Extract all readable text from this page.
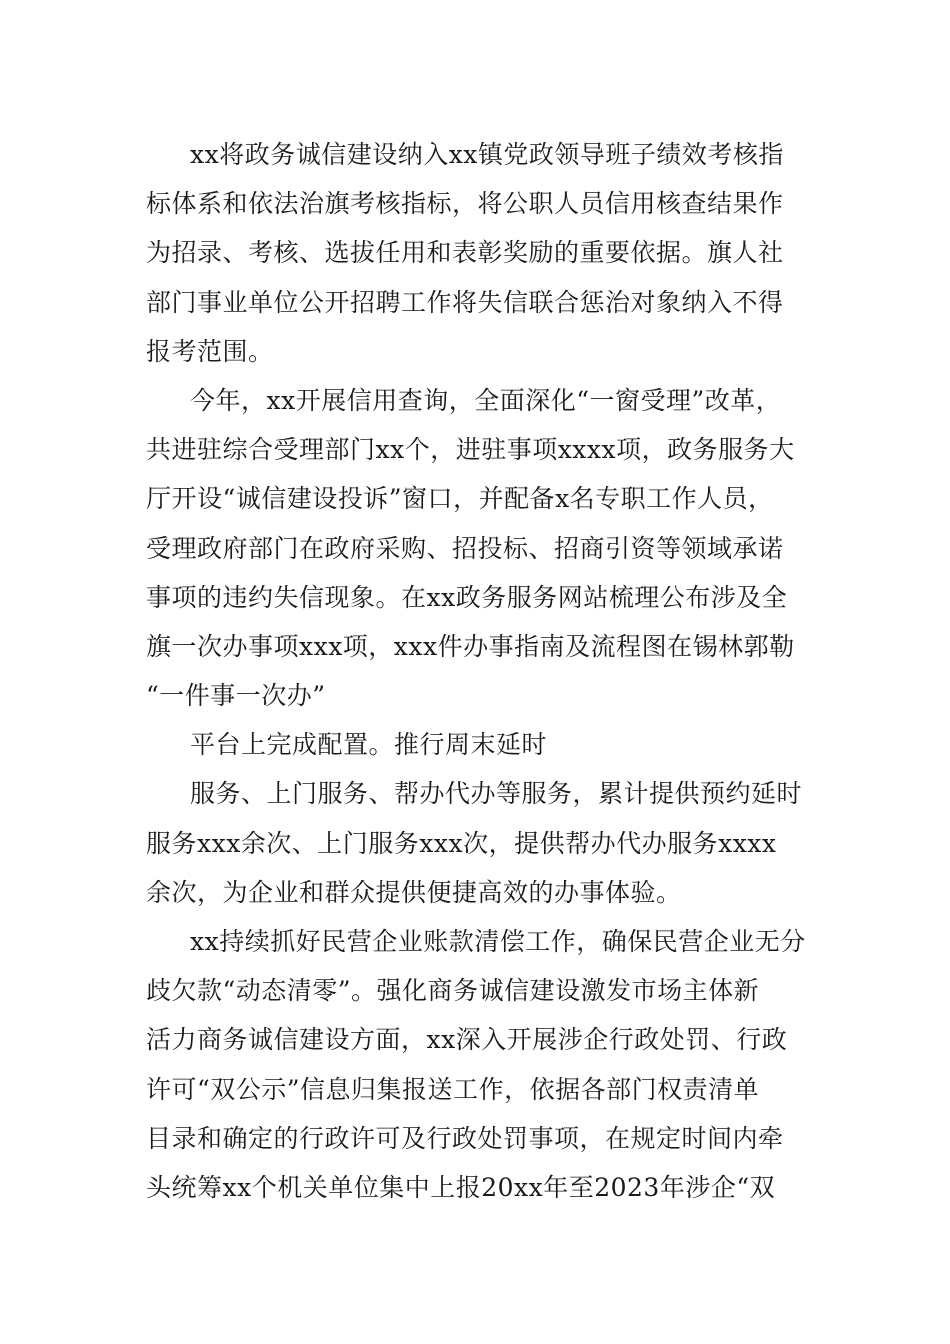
xx将政务诚信建设纳入xx镇党政领导班子绩效考核指
标体系和依法治旗考核指标，将公职人员信用核查结果作
为招录、考核、选拔任用和表彰奖励的重要依据。旗人社
部门事业单位公开招聘工作将失信联合惩治对象纳入不得
报考范围。
今年，xx开展信用查询，全面深化“一窗受理”改革，
共进驻综合受理部门xx个，进驻事项xxxx项，政务服务大
厅开设“诚信建设投诉”窗口，并配备x名专职工作人员，
受理政府部门在政府采购、招投标、招商引资等领域承诺
事项的违约失信现象。在xx政务服务网站梳理公布涉及全
旗一次办事项xxx项，xxx件办事指南及流程图在锡林郭勒
“一件事一次办”
平台上完成配置。推行周末延时
服务、上门服务、帮办代办等服务，累计提供预约延时
服务xxx余次、上门服务xxx次，提供帮办代办服务xxxx
余次，为企业和群众提供便捷高效的办事体验。
xx持续抓好民营企业账款清偿工作，确保民营企业无分
歧欠款“动态清零”。强化商务诚信建设激发市场主体新
活力商务诚信建设方面，xx深入开展涉企行政处罚、行政
许可“双公示”信息归集报送工作，依据各部门权责清单
目录和确定的行政许可及行政处罚事项，在规定时间内牵
头统筹xx个机关单位集中上报20xx年至2023年涉企“双
